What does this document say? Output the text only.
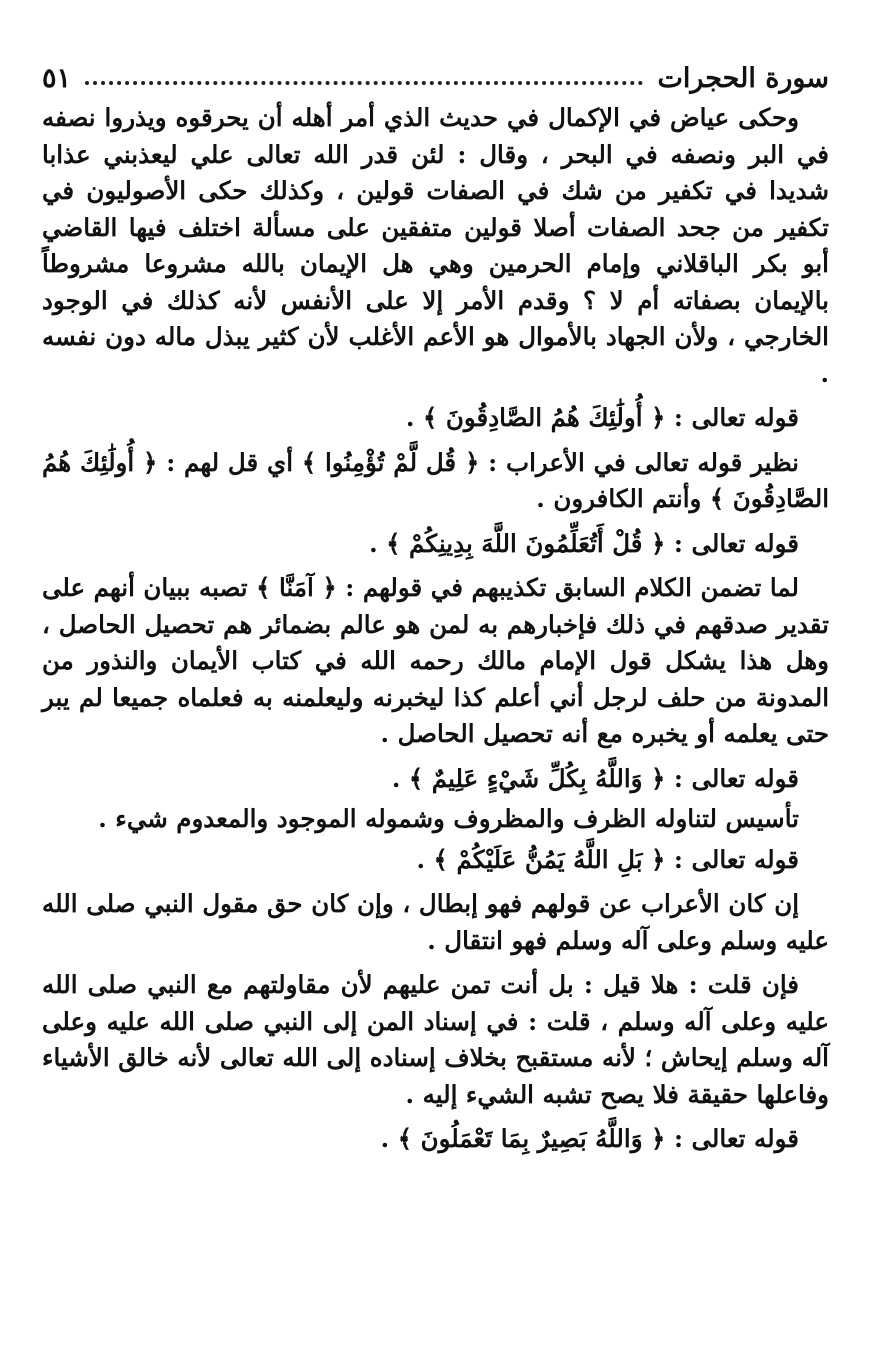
سورة الحجرات
٥١

وحكى عياض في الإكمال في حديث الذي أمر أهله أن يحرقوه ويذروا نصفه في البر ونصفه في البحر ، وقال : لئن قدر الله تعالى علي ليعذبني عذابا شديدا في تكفير من شك في الصفات قولين ، وكذلك حكى الأصوليون في تكفير من جحد الصفات أصلا قولين متفقين على مسألة اختلف فيها القاضي أبو بكر الباقلاني وإمام الحرمين وهي هل الإيمان بالله مشروعا مشروطاً بالإيمان بصفاته أم لا ؟ وقدم الأمر إلا على الأنفس لأنه كذلك في الوجود الخارجي ، ولأن الجهاد بالأموال هو الأعم الأغلب لأن كثير يبذل ماله دون نفسه .

قوله تعالى : ﴿ أُولَٰئِكَ هُمُ الصَّادِقُونَ ﴾ .

نظير قوله تعالى في الأعراب : ﴿ قُل لَّمْ تُؤْمِنُوا ﴾ أي قل لهم : ﴿ أُولَٰئِكَ هُمُ الصَّادِقُونَ ﴾ وأنتم الكافرون .

قوله تعالى : ﴿ قُلْ أَتُعَلِّمُونَ اللَّهَ بِدِينِكُمْ ﴾ .

لما تضمن الكلام السابق تكذيبهم في قولهم : ﴿ آمَنَّا ﴾ تصبه ببيان أنهم على تقدير صدقهم في ذلك فإخبارهم به لمن هو عالم بضمائر هم تحصيل الحاصل ، وهل هذا يشكل قول الإمام مالك رحمه الله في كتاب الأيمان والنذور من المدونة من حلف لرجل أني أعلم كذا ليخبرنه وليعلمنه به فعلماه جميعا لم يبر حتى يعلمه أو يخبره مع أنه تحصيل الحاصل .

قوله تعالى : ﴿ وَاللَّهُ بِكُلِّ شَيْءٍ عَلِيمٌ ﴾ .

تأسيس لتناوله الظرف والمظروف وشموله الموجود والمعدوم شيء .

قوله تعالى : ﴿ بَلِ اللَّهُ يَمُنُّ عَلَيْكُمْ ﴾ .

إن كان الأعراب عن قولهم فهو إبطال ، وإن كان حق مقول النبي صلى الله عليه وسلم وعلى آله وسلم فهو انتقال .

فإن قلت : هلا قيل : بل أنت تمن عليهم لأن مقاولتهم مع النبي صلى الله عليه وعلى آله وسلم ، قلت : في إسناد المن إلى النبي صلى الله عليه وعلى آله وسلم إيحاش ؛ لأنه مستقبح بخلاف إسناده إلى الله تعالى لأنه خالق الأشياء وفاعلها حقيقة فلا يصح تشبه الشيء إليه .

قوله تعالى : ﴿ وَاللَّهُ بَصِيرٌ بِمَا تَعْمَلُونَ ﴾ .
